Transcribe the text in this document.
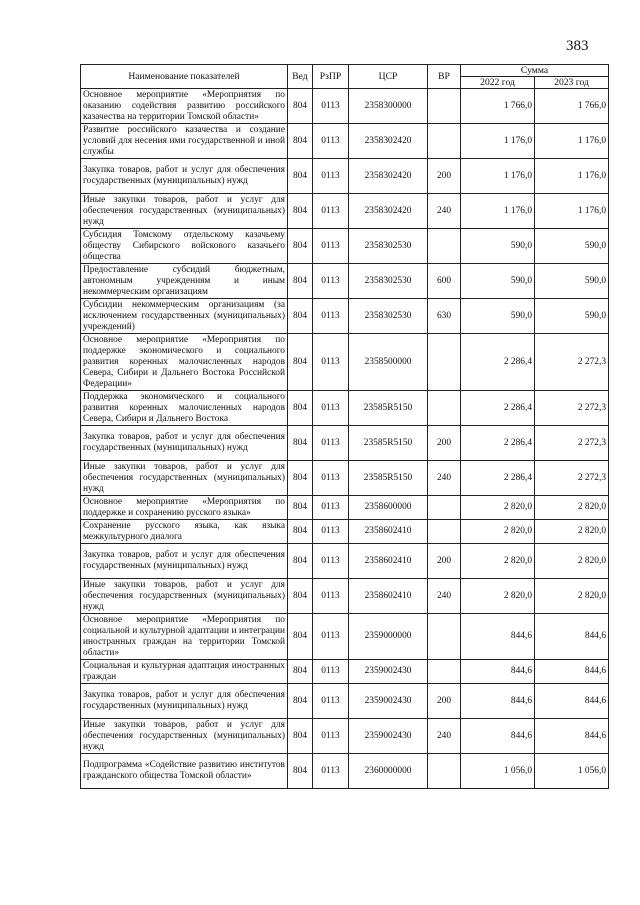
383
Наименование показателей	Вед	РзПР	ЦСР	ВР	Сумма	
					2022 год	2023 год
Основное мероприятие «Мероприятия по оказанию содействия развитию российского казачества на территории Томской области»	804	0113	2358300000		1 766,0	1 766,0
Развитие российского казачества и создание условий для несения ими государственной и иной службы	804	0113	2358302420		1 176,0	1 176,0
Закупка товаров, работ и услуг для обеспечения государственных (муниципальных) нужд	804	0113	2358302420	200	1 176,0	1 176,0
Иные закупки товаров, работ и услуг для обеспечения государственных (муниципальных) нужд	804	0113	2358302420	240	1 176,0	1 176,0
Субсидия Томскому отдельскому казачьему обществу Сибирского войскового казачьего общества	804	0113	2358302530		590,0	590,0
Предоставление субсидий бюджетным, автономным учреждениям и иным некоммерческим организациям	804	0113	2358302530	600	590,0	590,0
Субсидии некоммерческим организациям (за исключением государственных (муниципальных) учреждений)	804	0113	2358302530	630	590,0	590,0
Основное мероприятие «Мероприятия по поддержке экономического и социального развития коренных малочисленных народов Севера, Сибири и Дальнего Востока Российской Федерации»	804	0113	2358500000		2 286,4	2 272,3
Поддержка экономического и социального развития коренных малочисленных народов Севера, Сибири и Дальнего Востока	804	0113	23585R5150		2 286,4	2 272,3
Закупка товаров, работ и услуг для обеспечения государственных (муниципальных) нужд	804	0113	23585R5150	200	2 286,4	2 272,3
Иные закупки товаров, работ и услуг для обеспечения государственных (муниципальных) нужд	804	0113	23585R5150	240	2 286,4	2 272,3
Основное мероприятие «Мероприятия по поддержке и сохранению русского языка»	804	0113	2358600000		2 820,0	2 820,0
Сохранение русского языка, как языка межкультурного диалога	804	0113	2358602410		2 820,0	2 820,0
Закупка товаров, работ и услуг для обеспечения государственных (муниципальных) нужд	804	0113	2358602410	200	2 820,0	2 820,0
Иные закупки товаров, работ и услуг для обеспечения государственных (муниципальных) нужд	804	0113	2358602410	240	2 820,0	2 820,0
Основное мероприятие «Мероприятия по социальной и культурной адаптации и интеграции иностранных граждан на территории Томской области»	804	0113	2359000000		844,6	844,6
Социальная и культурная адаптация иностранных граждан	804	0113	2359002430		844,6	844,6
Закупка товаров, работ и услуг для обеспечения государственных (муниципальных) нужд	804	0113	2359002430	200	844,6	844,6
Иные закупки товаров, работ и услуг для обеспечения государственных (муниципальных) нужд	804	0113	2359002430	240	844,6	844,6
Подпрограмма «Содействие развитию институтов гражданского общества Томской области»	804	0113	2360000000		1 056,0	1 056,0
